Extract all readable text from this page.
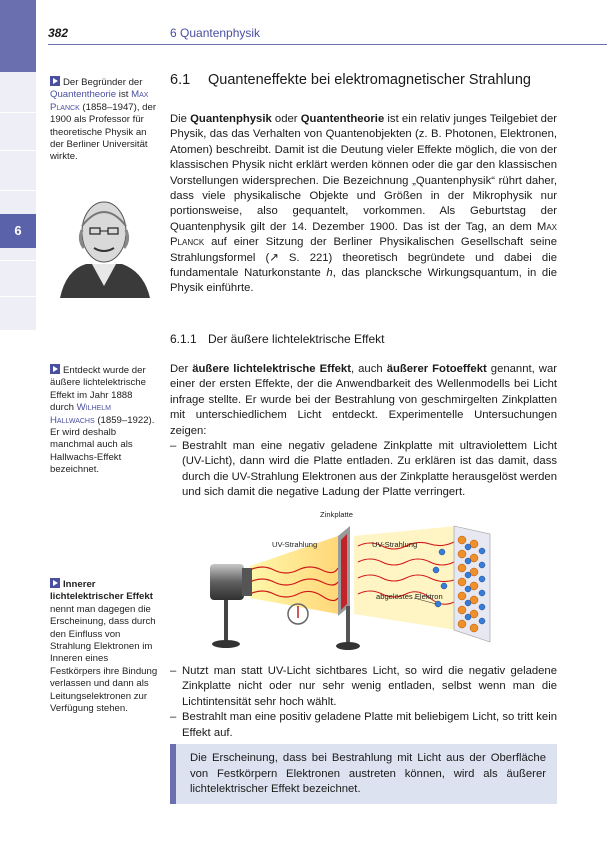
6
382	6 Quantenphysik
Der Begründer der Quantentheorie ist Max Planck (1858–1947), der 1900 als Professor für theoretische Physik an der Berliner Universität wirkte.
Entdeckt wurde der äußere lichtelektrische Effekt im Jahr 1888 durch Wilhelm Hallwachs (1859–1922). Er wird deshalb manchmal auch als Hallwachs-Effekt bezeichnet.
Innerer lichtelektrischer Effekt nennt man dagegen die Erscheinung, dass durch den Einfluss von Strahlung Elektronen im Inneren eines Festkörpers ihre Bindung verlassen und dann als Leitungselektronen zur Verfügung stehen.
6.1 Quanteneffekte bei elektromagnetischer Strahlung
Die Quantenphysik oder Quantentheorie ist ein relativ junges Teilgebiet der Physik, das das Verhalten von Quantenobjekten (z. B. Photonen, Elektronen, Atomen) beschreibt. Damit ist die Deutung vieler Effekte möglich, die von der klassischen Physik nicht erklärt werden können oder die gar den klassischen Vorstellungen widersprechen. Die Bezeichnung „Quantenphysik“ rührt daher, dass viele physikalische Objekte und Größen in der Mikrophysik nur portionsweise, also gequantelt, vorkommen. Als Geburtstag der Quantenphysik gilt der 14. Dezember 1900. Das ist der Tag, an dem Max Planck auf einer Sitzung der Berliner Physikalischen Gesellschaft seine Strahlungsformel (↗ S. 221) theoretisch begründete und dabei die fundamentale Naturkonstante h, das plancksche Wirkungsquantum, in die Physik einführte.
6.1.1 Der äußere lichtelektrische Effekt
Der äußere lichtelektrische Effekt, auch äußerer Fotoeffekt genannt, war einer der ersten Effekte, der die Anwendbarkeit des Wellenmodells bei Licht infrage stellte. Er wurde bei der Bestrahlung von geschmirgelten Zinkplatten mit unterschiedlichem Licht entdeckt. Experimentelle Untersuchungen zeigen:
– Bestrahlt man eine negativ geladene Zinkplatte mit ultraviolettem Licht (UV-Licht), dann wird die Platte entladen. Zu erklären ist das damit, dass durch die UV-Strahlung Elektronen aus der Zinkplatte herausgelöst werden und sich damit die negative Ladung der Platte verringert.
Zinkplatte
UV-Strahlung	UV-Strahlung
abgelöstes Elektron
– Nutzt man statt UV-Licht sichtbares Licht, so wird die negativ geladene Zinkplatte nicht oder nur sehr wenig entladen, selbst wenn man die Lichtintensität sehr hoch wählt.
– Bestrahlt man eine positiv geladene Platte mit beliebigem Licht, so tritt kein Effekt auf.
Die Erscheinung, dass bei Bestrahlung mit Licht aus der Oberfläche von Festkörpern Elektronen austreten können, wird als äußerer lichtelektrischer Effekt bezeichnet.
